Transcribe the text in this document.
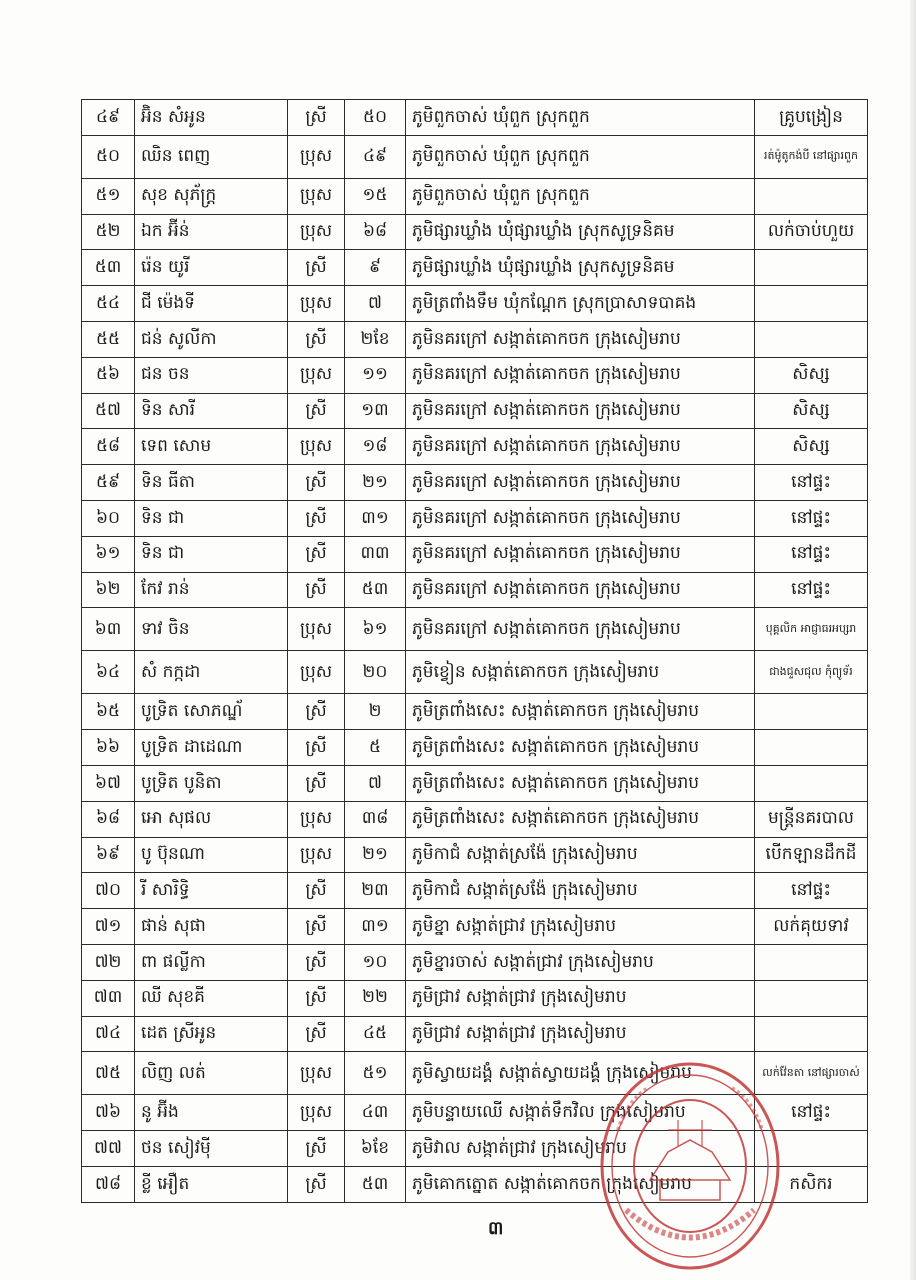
៤៩	អ៊ិន សំអូន	ស្រី	៥០	ភូមិពួកចាស់ ឃុំពួក ស្រុកពួក	គ្រូបង្រៀន
៥០	ឈិន ពេញ	ប្រុស	៤៩	ភូមិពួកចាស់ ឃុំពួក ស្រុកពួក	រត់ម៉ូតូកង់បី នៅផ្សារពួក
៥១	សុខ សុភ័ក្ត្រ	ប្រុស	១៥	ភូមិពួកចាស់ ឃុំពួក ស្រុកពួក	
៥២	ឯក អ៊ីន់	ប្រុស	៦៨	ភូមិផ្សារឃ្លាំង ឃុំផ្សារឃ្លាំង ស្រុកសូទ្រនិគម	លក់ចាប់ហួយ
៥៣	រ៉េន យូរី	ស្រី	៩	ភូមិផ្សារឃ្លាំង ឃុំផ្សារឃ្លាំង ស្រុកសូទ្រនិគម	
៥៤	ជី ម៉េងទី	ប្រុស	៧	ភូមិត្រពាំងទឹម ឃុំកណ្តែក ស្រុកប្រាសាទបាគង	
៥៥	ជន់ សូលីកា	ស្រី	២ខែ	ភូមិនគរក្រៅ សង្កាត់គោកចក ក្រុងសៀមរាប	
៥៦	ជន ចន	ប្រុស	១១	ភូមិនគរក្រៅ សង្កាត់គោកចក ក្រុងសៀមរាប	សិស្ស
៥៧	ទិន សារី	ស្រី	១៣	ភូមិនគរក្រៅ សង្កាត់គោកចក ក្រុងសៀមរាប	សិស្ស
៥៨	ទេព សោម	ប្រុស	១៨	ភូមិនគរក្រៅ សង្កាត់គោកចក ក្រុងសៀមរាប	សិស្ស
៥៩	ទិន ធីតា	ស្រី	២១	ភូមិនគរក្រៅ សង្កាត់គោកចក ក្រុងសៀមរាប	នៅផ្ទះ
៦០	ទិន ជា	ស្រី	៣១	ភូមិនគរក្រៅ សង្កាត់គោកចក ក្រុងសៀមរាប	នៅផ្ទះ
៦១	ទិន ជា	ស្រី	៣៣	ភូមិនគរក្រៅ សង្កាត់គោកចក ក្រុងសៀមរាប	នៅផ្ទះ
៦២	កែវ រាន់	ស្រី	៥៣	ភូមិនគរក្រៅ សង្កាត់គោកចក ក្រុងសៀមរាប	នៅផ្ទះ
៦៣	ទាវ ចិន	ប្រុស	៦១	ភូមិនគរក្រៅ សង្កាត់គោកចក ក្រុងសៀមរាប	បុគ្គលិក អាជ្ញាធរអប្សរា
៦៤	សំ កក្កដា	ប្រុស	២០	ភូមិខ្វៀន សង្កាត់គោកចក ក្រុងសៀមរាប	ជាងជួសជុល កុំព្យូទ័រ
៦៥	បូទ្រិត សោភណ្ឌ័	ស្រី	២	ភូមិត្រពាំងសេះ សង្កាត់គោកចក ក្រុងសៀមរាប	
៦៦	បូទ្រិត ដាដេណា	ស្រី	៥	ភូមិត្រពាំងសេះ សង្កាត់គោកចក ក្រុងសៀមរាប	
៦៧	បូទ្រិត បូនិតា	ស្រី	៧	ភូមិត្រពាំងសេះ សង្កាត់គោកចក ក្រុងសៀមរាប	
៦៨	អោ សុផល	ប្រុស	៣៨	ភូមិត្រពាំងសេះ សង្កាត់គោកចក ក្រុងសៀមរាប	មន្ត្រីនគរបាល
៦៩	បូ ប៊ុនណា	ប្រុស	២១	ភូមិកាជំ សង្កាត់ស្រង៉ែ ក្រុងសៀមរាប	បើកឡានដឹកដី
៧០	រី សារិទ្ធិ	ស្រី	២៣	ភូមិកាជំ សង្កាត់ស្រង៉ែ ក្រុងសៀមរាប	នៅផ្ទះ
៧១	ផាន់ សុផា	ស្រី	៣១	ភូមិខ្នា សង្កាត់ជ្រាវ ក្រុងសៀមរាប	លក់គុយទាវ
៧២	ពា ផល្លីកា	ស្រី	១០	ភូមិខ្នារចាស់ សង្កាត់ជ្រាវ ក្រុងសៀមរាប	
៧៣	ឈី សុខគី	ស្រី	២២	ភូមិជ្រាវ សង្កាត់ជ្រាវ ក្រុងសៀមរាប	
៧៤	ដេត ស្រីអូន	ស្រី	៤៥	ភូមិជ្រាវ សង្កាត់ជ្រាវ ក្រុងសៀមរាប	
៧៥	លិញ លត់	ប្រុស	៥១	ភូមិស្វាយដង្គំ សង្កាត់ស្វាយដង្គំ ក្រុងសៀមរាប	លក់វ៉ែនតា នៅផ្សារចាស់
៧៦	នូ អ៊ីង	ប្រុស	៤៣	ភូមិបន្ទាយឈើ សង្កាត់ទឹកវិល ក្រុងសៀមរាប	នៅផ្ទះ
៧៧	ថន សៀវម៉ី	ស្រី	៦ខែ	ភូមិវាល សង្កាត់ជ្រាវ ក្រុងសៀមរាប	
៧៨	ខ្លី អឿត	ស្រី	៥៣	ភូមិគោកត្នោត សង្កាត់គោកចក ក្រុងសៀមរាប	កសិករ
៣
